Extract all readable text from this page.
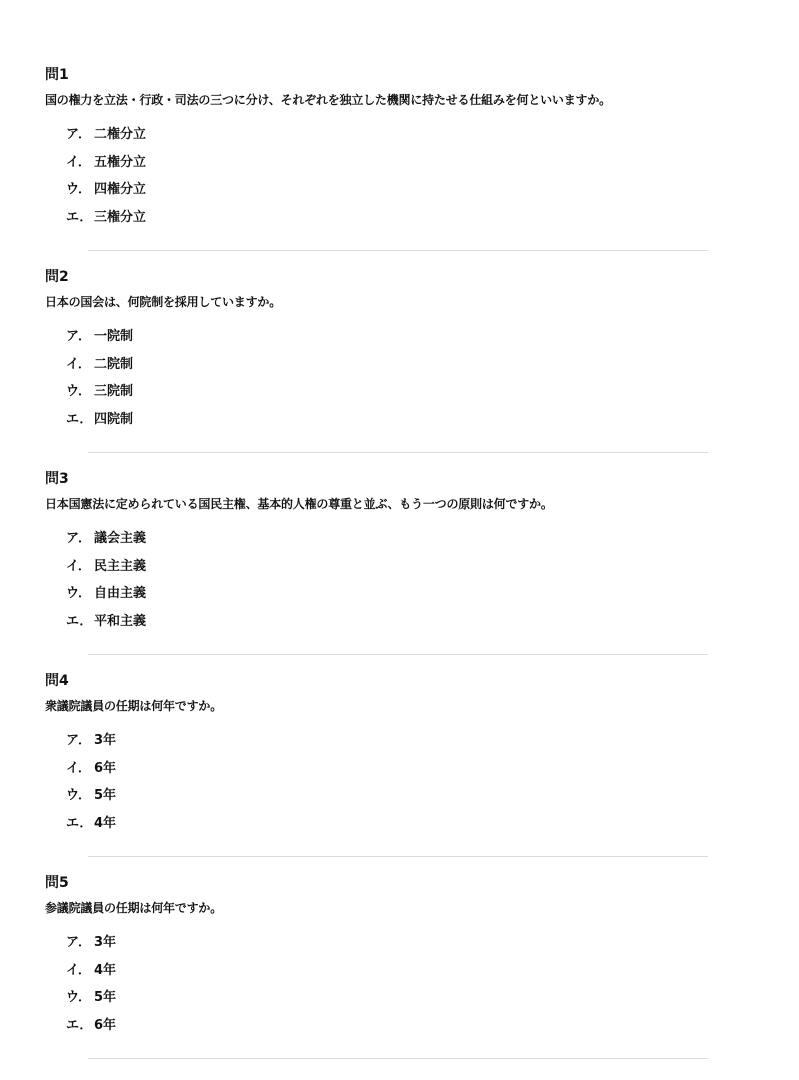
問1
国の権力を立法・行政・司法の三つに分け、それぞれを独立した機関に持たせる仕組みを何といいますか。
ア． 二権分立
イ． 五権分立
ウ． 四権分立
エ． 三権分立
問2
日本の国会は、何院制を採用していますか。
ア． 一院制
イ． 二院制
ウ． 三院制
エ． 四院制
問3
日本国憲法に定められている国民主権、基本的人権の尊重と並ぶ、もう一つの原則は何ですか。
ア． 議会主義
イ． 民主主義
ウ． 自由主義
エ． 平和主義
問4
衆議院議員の任期は何年ですか。
ア． 3年
イ． 6年
ウ． 5年
エ． 4年
問5
参議院議員の任期は何年ですか。
ア． 3年
イ． 4年
ウ． 5年
エ． 6年
